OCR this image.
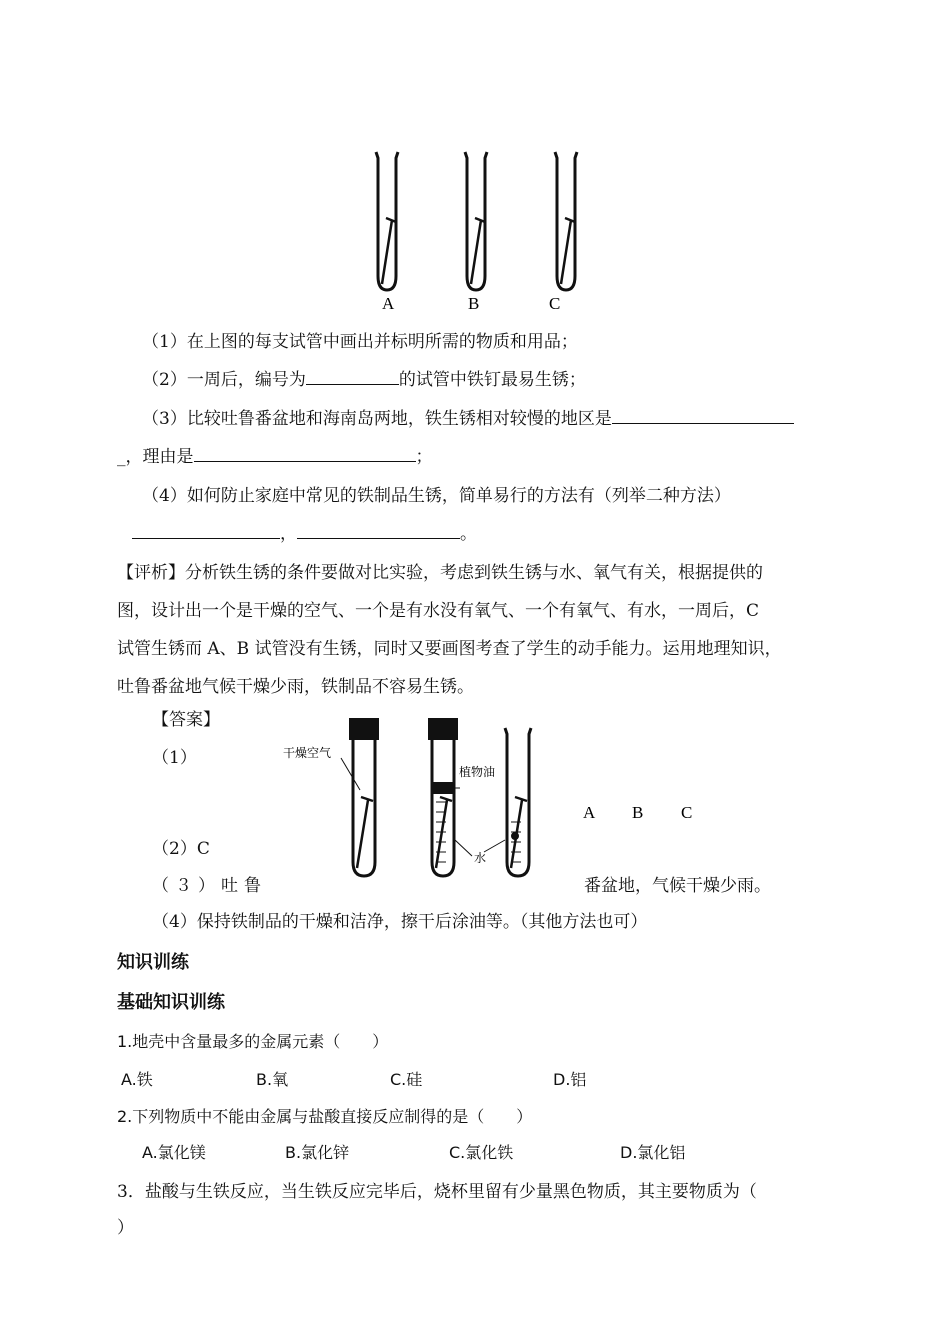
A	B	C
（1）在上图的每支试管中画出并标明所需的物质和用品；
（2）一周后，编号为	的试管中铁钉最易生锈；
（3）比较吐鲁番盆地和海南岛两地，铁生锈相对较慢的地区是
_，理由是	；
（4）如何防止家庭中常见的铁制品生锈，简单易行的方法有（列举二种方法）
，	。
【评析】分析铁生锈的条件要做对比实验，考虑到铁生锈与水、氧气有关，根据提供的
图，设计出一个是干燥的空气、一个是有水没有氧气、一个有氧气、有水，一周后，C
试管生锈而 A、B 试管没有生锈，同时又要画图考查了学生的动手能力。运用地理知识，
吐鲁番盆地气候干燥少雨，铁制品不容易生锈。
【答案】
（1）	干燥空气
植物油
水
A B C
（2）C
（３）吐鲁	番盆地，气候干燥少雨。
（4）保持铁制品的干燥和洁净，擦干后涂油等。（其他方法也可）
知识训练
基础知识训练
1.地壳中含量最多的金属元素（　　）
A.铁	B.氧	C.硅	D.铝
2.下列物质中不能由金属与盐酸直接反应制得的是（　　）
A.氯化镁	B.氯化锌	C.氯化铁	D.氯化铝
3．盐酸与生铁反应，当生铁反应完毕后，烧杯里留有少量黑色物质，其主要物质为（
）
